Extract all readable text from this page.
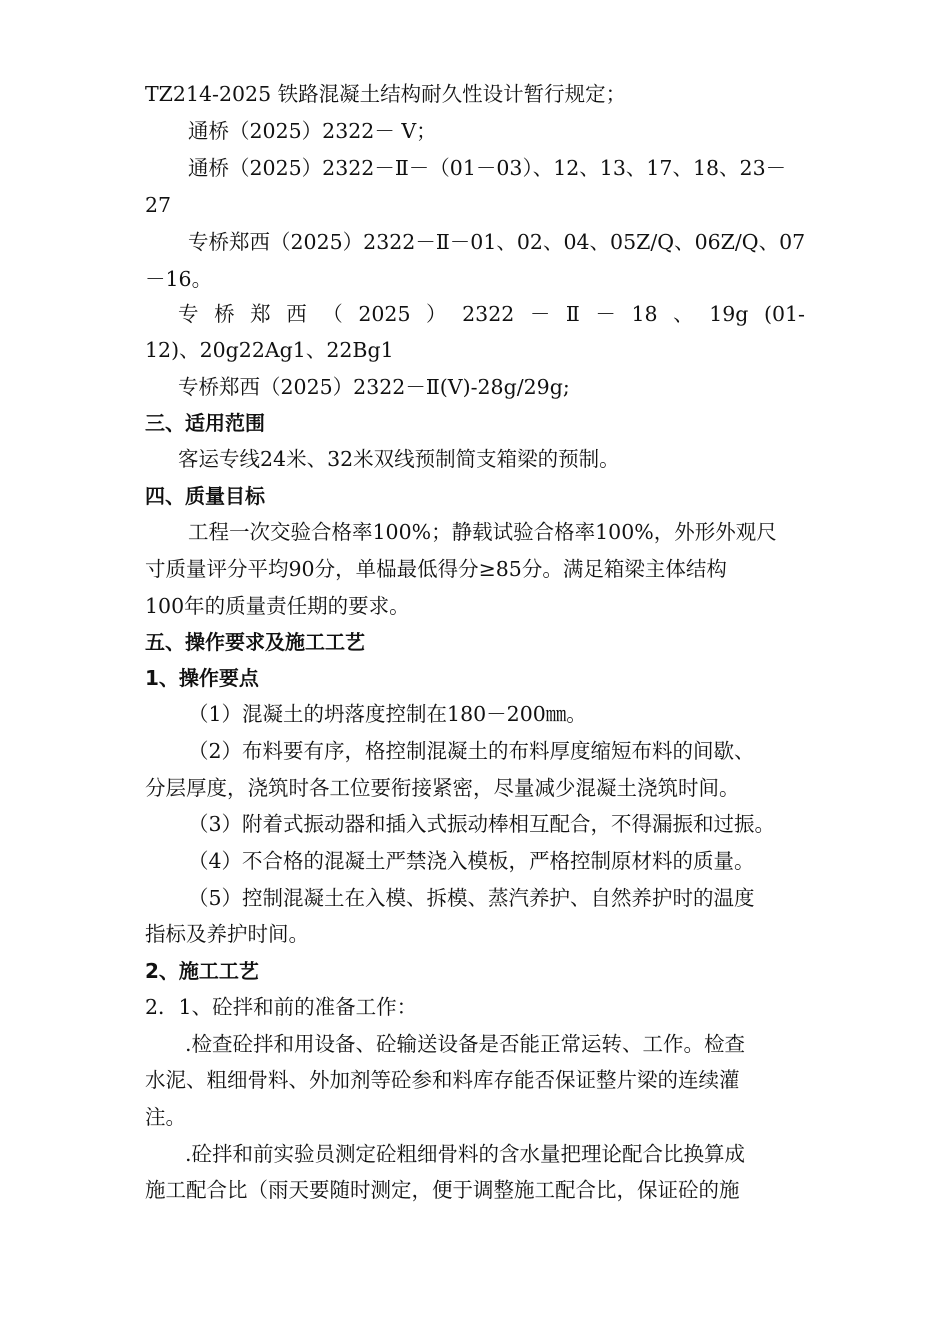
TZ214-2025 铁路混凝土结构耐久性设计暂行规定；
通桥（2025）2322－ Ⅴ；
通桥（2025）2322－Ⅱ－（01－03）、12、13、17、18、23－
27
专桥郑西（2025）2322－Ⅱ－01、02、04、05Z/Q、06Z/Q、07
－16。
专 桥 郑 西 （ 2025 ） 2322 － Ⅱ － 18 、 19g (01-
12)、20g22Ag1、22Bg1
专桥郑西（2025）2322－Ⅱ(Ⅴ)-28g/29g;
三、适用范围
客运专线24米、32米双线预制简支箱梁的预制。
四、质量目标
工程一次交验合格率100%；静载试验合格率100%，外形外观尺
寸质量评分平均90分，单榀最低得分≥85分。满足箱梁主体结构
100年的质量责任期的要求。
五、操作要求及施工工艺
1、操作要点
（1）混凝土的坍落度控制在180－200㎜。
（2）布料要有序，格控制混凝土的布料厚度缩短布料的间歇、
分层厚度，浇筑时各工位要衔接紧密，尽量减少混凝土浇筑时间。
（3）附着式振动器和插入式振动棒相互配合，不得漏振和过振。
（4）不合格的混凝土严禁浇入模板，严格控制原材料的质量。
（5）控制混凝土在入模、拆模、蒸汽养护、自然养护时的温度
指标及养护时间。
2、施工工艺
2．1、砼拌和前的准备工作：
.检查砼拌和用设备、砼输送设备是否能正常运转、工作。检查
水泥、粗细骨料、外加剂等砼参和料库存能否保证整片梁的连续灌
注。
.砼拌和前实验员测定砼粗细骨料的含水量把理论配合比换算成
施工配合比（雨天要随时测定，便于调整施工配合比，保证砼的施
